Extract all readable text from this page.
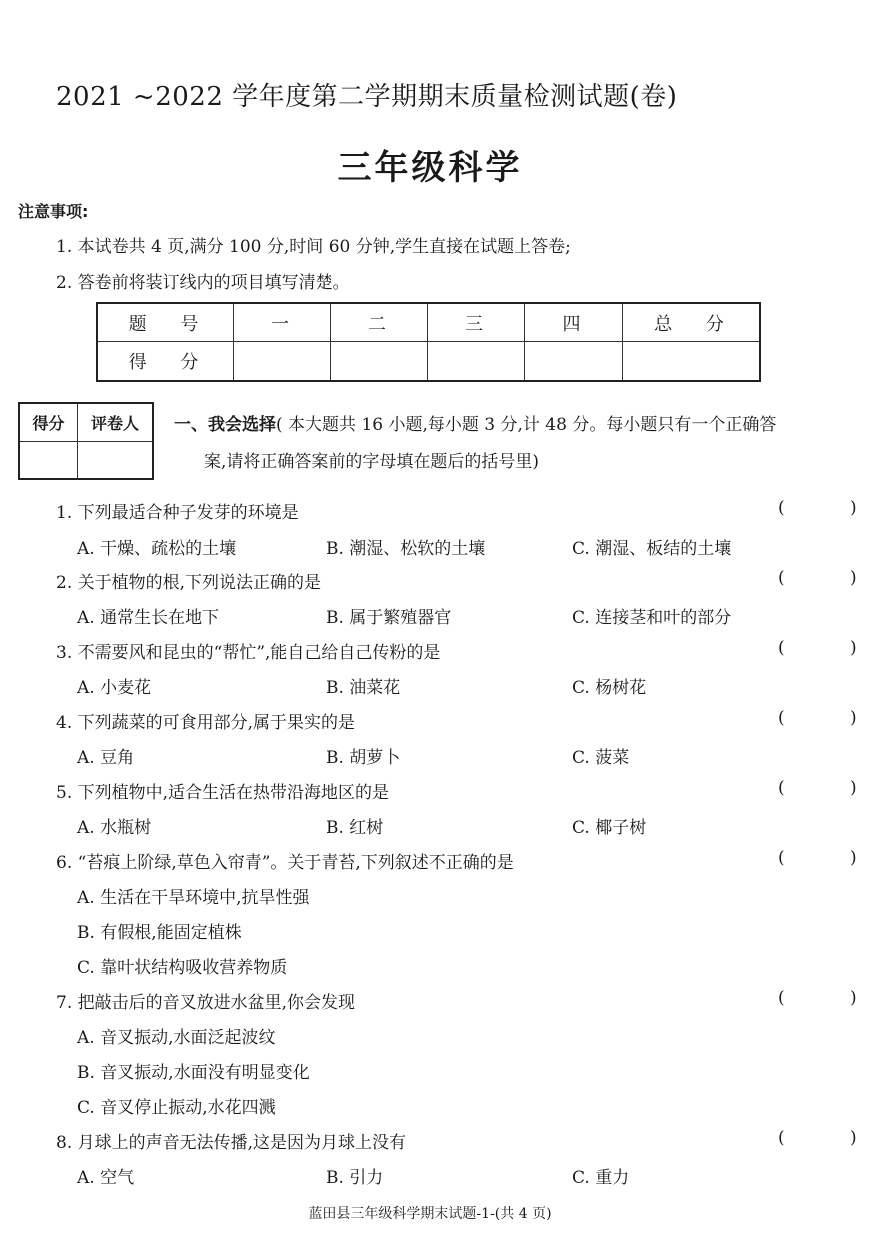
2021 ~2022 学年度第二学期期末质量检测试题(卷)
三年级科学
注意事项:
1. 本试卷共 4 页,满分 100 分,时间 60 分钟,学生直接在试题上答卷;
2. 答卷前将装订线内的项目填写清楚。
题 号	一	二	三	四	总 分
得 分
得分	评卷人	一、我会选择( 本大题共 16 小题,每小题 3 分,计 48 分。每小题只有一个正确答
案,请将正确答案前的字母填在题后的括号里)
1. 下列最适合种子发芽的环境是	( )
A. 干燥、疏松的土壤	B. 潮湿、松软的土壤	C. 潮湿、板结的土壤
2. 关于植物的根,下列说法正确的是	( )
A. 通常生长在地下	B. 属于繁殖器官	C. 连接茎和叶的部分
3. 不需要风和昆虫的“帮忙”,能自己给自己传粉的是	( )
A. 小麦花	B. 油菜花	C. 杨树花
4. 下列蔬菜的可食用部分,属于果实的是	( )
A. 豆角	B. 胡萝卜	C. 菠菜
5. 下列植物中,适合生活在热带沿海地区的是	( )
A. 水瓶树	B. 红树	C. 椰子树
6. “苔痕上阶绿,草色入帘青”。关于青苔,下列叙述不正确的是	( )
A. 生活在干旱环境中,抗旱性强
B. 有假根,能固定植株
C. 靠叶状结构吸收营养物质
7. 把敲击后的音叉放进水盆里,你会发现	( )
A. 音叉振动,水面泛起波纹
B. 音叉振动,水面没有明显变化
C. 音叉停止振动,水花四溅
8. 月球上的声音无法传播,这是因为月球上没有	( )
A. 空气	B. 引力	C. 重力
蓝田县三年级科学期末试题-1-(共 4 页)
